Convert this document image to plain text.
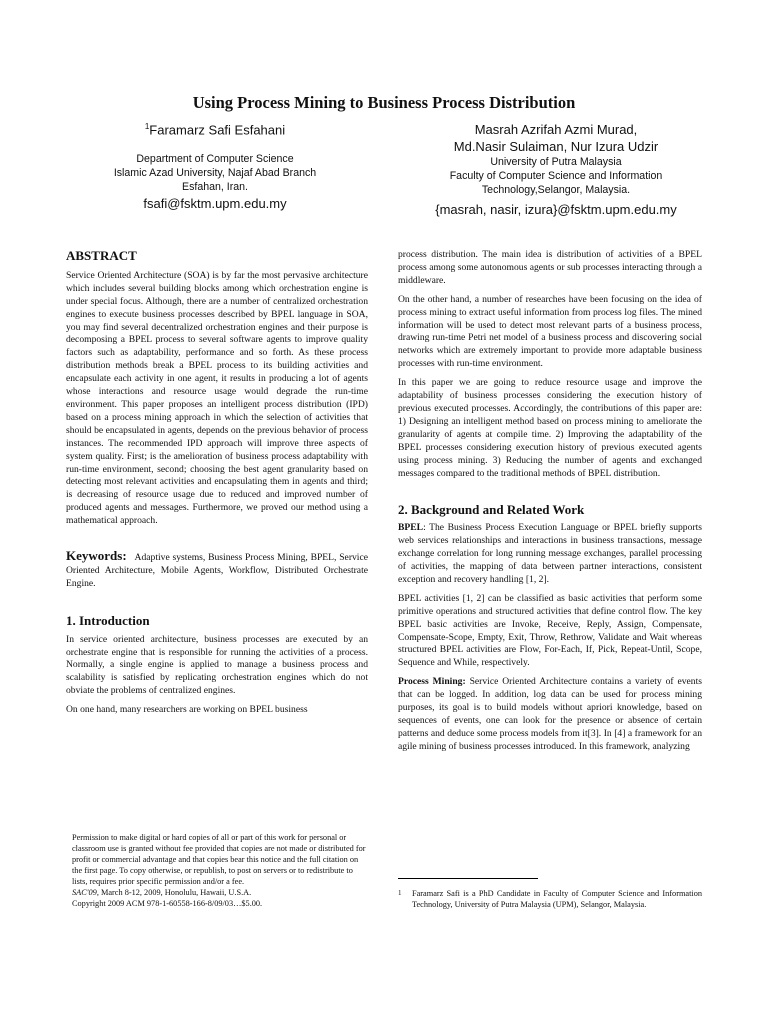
Using Process Mining to Business Process Distribution
$^1$Faramarz Safi Esfahani
Department of Computer Science
Islamic Azad University, Najaf Abad Branch
Esfahan, Iran.
fsafi@fsktm.upm.edu.my
Masrah Azrifah Azmi Murad,
Md.Nasir Sulaiman, Nur Izura Udzir
University of Putra Malaysia
Faculty of Computer Science and Information
Technology,Selangor, Malaysia.
{masrah, nasir, izura}@fsktm.upm.edu.my
ABSTRACT

Service Oriented Architecture (SOA) is by far the most pervasive architecture which includes several building blocks among which orchestration engine is under special focus. Although, there are a number of centralized orchestration engines to execute business processes described by BPEL language in SOA, you may find several decentralized orchestration engines and their purpose is decomposing a BPEL process to several software agents to improve quality factors such as adaptability, performance and so forth. As these process distribution methods break a BPEL process to its building activities and encapsulate each activity in one agent, it results in producing a lot of agents whose interactions and resource usage would degrade the run-time environment. This paper proposes an intelligent process distribution (IPD) based on a process mining approach in which the selection of activities that should be encapsulated in agents, depends on the previous behavior of process instances. The recommended IPD approach will improve three aspects of system quality. First; is the amelioration of business process adaptability with run-time environment, second; choosing the best agent granularity based on detecting most relevant activities and encapsulating them in agents and third; is decreasing of resource usage due to reduced and improved number of produced agents and messages. Furthermore, we proved our method using a mathematical approach.

Keywords: Adaptive systems, Business Process Mining, BPEL, Service Oriented Architecture, Mobile Agents, Workflow, Distributed Orchestrate Engine.

1. Introduction

In service oriented architecture, business processes are executed by an orchestrate engine that is responsible for running the activities of a process. Normally, a single engine is applied to manage a business process and scalability is satisfied by replicating orchestration engines which do not obviate the problems of centralized engines.

On one hand, many researchers are working on BPEL business

Permission to make digital or hard copies of all or part of this work for personal or classroom use is granted without fee provided that copies are not made or distributed for profit or commercial advantage and that copies bear this notice and the full citation on the first page. To copy otherwise, or republish, to post on servers or to redistribute to lists, requires prior specific permission and/or a fee.

SAC'09, March 8-12, 2009, Honolulu, Hawaii, U.S.A.

Copyright 2009 ACM 978-1-60558-166-8/09/03…$5.00.

process distribution. The main idea is distribution of activities of a BPEL process among some autonomous agents or sub processes interacting through a middleware.

On the other hand, a number of researches have been focusing on the idea of process mining to extract useful information from process log files. The mined information will be used to detect most relevant parts of a business process, drawing run-time Petri net model of a business process and discovering social networks which are extremely important to provide more adaptable business processes with run-time environment.

In this paper we are going to reduce resource usage and improve the adaptability of business processes considering the execution history of previous executed processes. Accordingly, the contributions of this paper are: 1) Designing an intelligent method based on process mining to ameliorate the granularity of agents at compile time. 2) Improving the adaptability of the BPEL processes considering execution history of previous executed agents using process mining. 3) Reducing the number of agents and exchanged messages compared to the traditional methods of BPEL distribution.

2. Background and Related Work

BPEL: The Business Process Execution Language or BPEL briefly supports web services relationships and interactions in business transactions, message exchange correlation for long running message exchanges, parallel processing of activities, the mapping of data between partner interactions, consistent exception and recovery handling [1, 2].

BPEL activities [1, 2] can be classified as basic activities that perform some primitive operations and structured activities that define control flow. The key BPEL basic activities are Invoke, Receive, Reply, Assign, Compensate, Compensate-Scope, Empty, Exit, Throw, Rethrow, Validate and Wait whereas structured BPEL activities are Flow, For-Each, If, Pick, Repeat-Until, Scope, Sequence and While, respectively.

Process Mining: Service Oriented Architecture contains a variety of events that can be logged. In addition, log data can be used for process mining purposes, its goal is to build models without apriori knowledge, based on sequences of events, one can look for the presence or absence of certain patterns and deduce some process models from it[3]. In [4] a framework for an agile mining of business processes introduced. In this framework, analyzing

1 Faramarz Safi is a PhD Candidate in Faculty of Computer Science and Information Technology, University of Putra Malaysia (UPM), Selangor, Malaysia.
